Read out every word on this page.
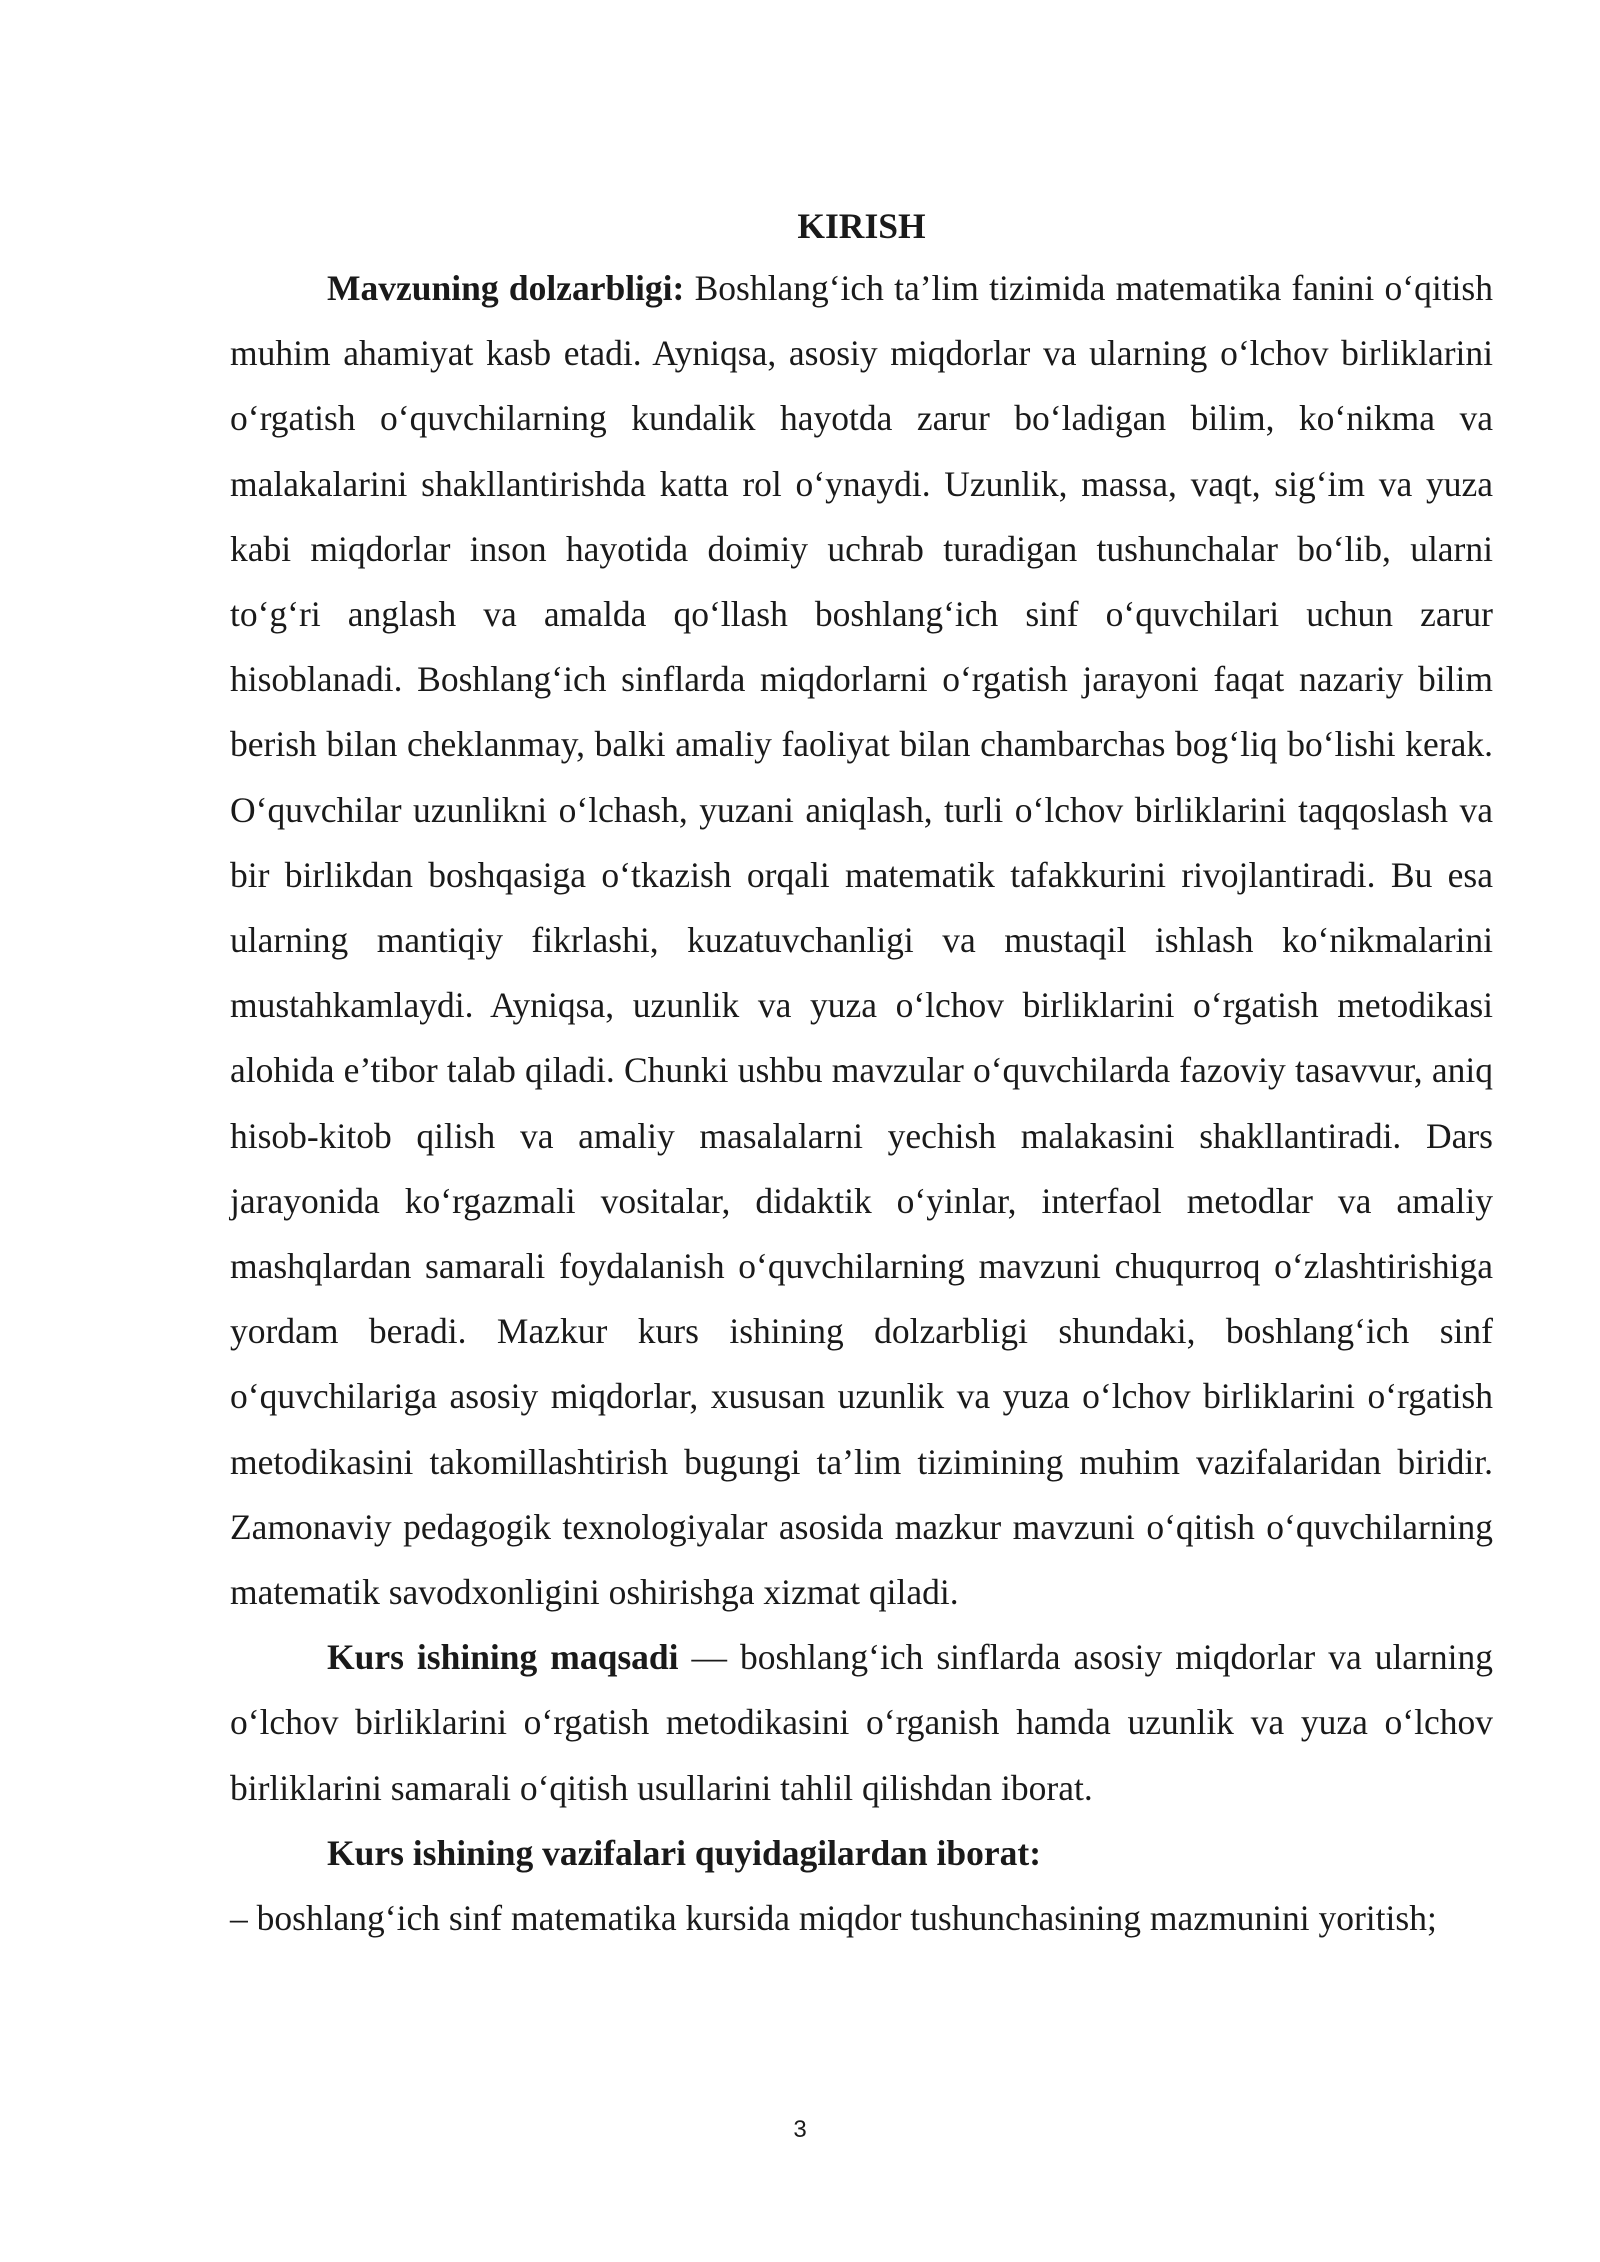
KIRISH

Mavzuning dolzarbligi: Boshlang‘ich ta’lim tizimida matematika fanini o‘qitish muhim ahamiyat kasb etadi. Ayniqsa, asosiy miqdorlar va ularning o‘lchov birliklarini o‘rgatish o‘quvchilarning kundalik hayotda zarur bo‘ladigan bilim, ko‘nikma va malakalarini shakllantirishda katta rol o‘ynaydi. Uzunlik, massa, vaqt, sig‘im va yuza kabi miqdorlar inson hayotida doimiy uchrab turadigan tushunchalar bo‘lib, ularni to‘g‘ri anglash va amalda qo‘llash boshlang‘ich sinf o‘quvchilari uchun zarur hisoblanadi. Boshlang‘ich sinflarda miqdorlarni o‘rgatish jarayoni faqat nazariy bilim berish bilan cheklanmay, balki amaliy faoliyat bilan chambarchas bog‘liq bo‘lishi kerak. O‘quvchilar uzunlikni o‘lchash, yuzani aniqlash, turli o‘lchov birliklarini taqqoslash va bir birlikdan boshqasiga o‘tkazish orqali matematik tafakkurini rivojlantiradi. Bu esa ularning mantiqiy fikrlashi, kuzatuvchanligi va mustaqil ishlash ko‘nikmalarini mustahkamlaydi. Ayniqsa, uzunlik va yuza o‘lchov birliklarini o‘rgatish metodikasi alohida e’tibor talab qiladi. Chunki ushbu mavzular o‘quvchilarda fazoviy tasavvur, aniq hisob-kitob qilish va amaliy masalalarni yechish malakasini shakllantiradi. Dars jarayonida ko‘rgazmali vositalar, didaktik o‘yinlar, interfaol metodlar va amaliy mashqlardan samarali foydalanish o‘quvchilarning mavzuni chuqurroq o‘zlashtirishiga yordam beradi. Mazkur kurs ishining dolzarbligi shundaki, boshlang‘ich sinf o‘quvchilariga asosiy miqdorlar, xususan uzunlik va yuza o‘lchov birliklarini o‘rgatish metodikasini takomillashtirish bugungi ta’lim tizimining muhim vazifalaridan biridir. Zamonaviy pedagogik texnologiyalar asosida mazkur mavzuni o‘qitish o‘quvchilarning matematik savodxonligini oshirishga xizmat qiladi.

Kurs ishining maqsadi — boshlang‘ich sinflarda asosiy miqdorlar va ularning o‘lchov birliklarini o‘rgatish metodikasini o‘rganish hamda uzunlik va yuza o‘lchov birliklarini samarali o‘qitish usullarini tahlil qilishdan iborat.

Kurs ishining vazifalari quyidagilardan iborat:

– boshlang‘ich sinf matematika kursida miqdor tushunchasining mazmunini yoritish;

3
